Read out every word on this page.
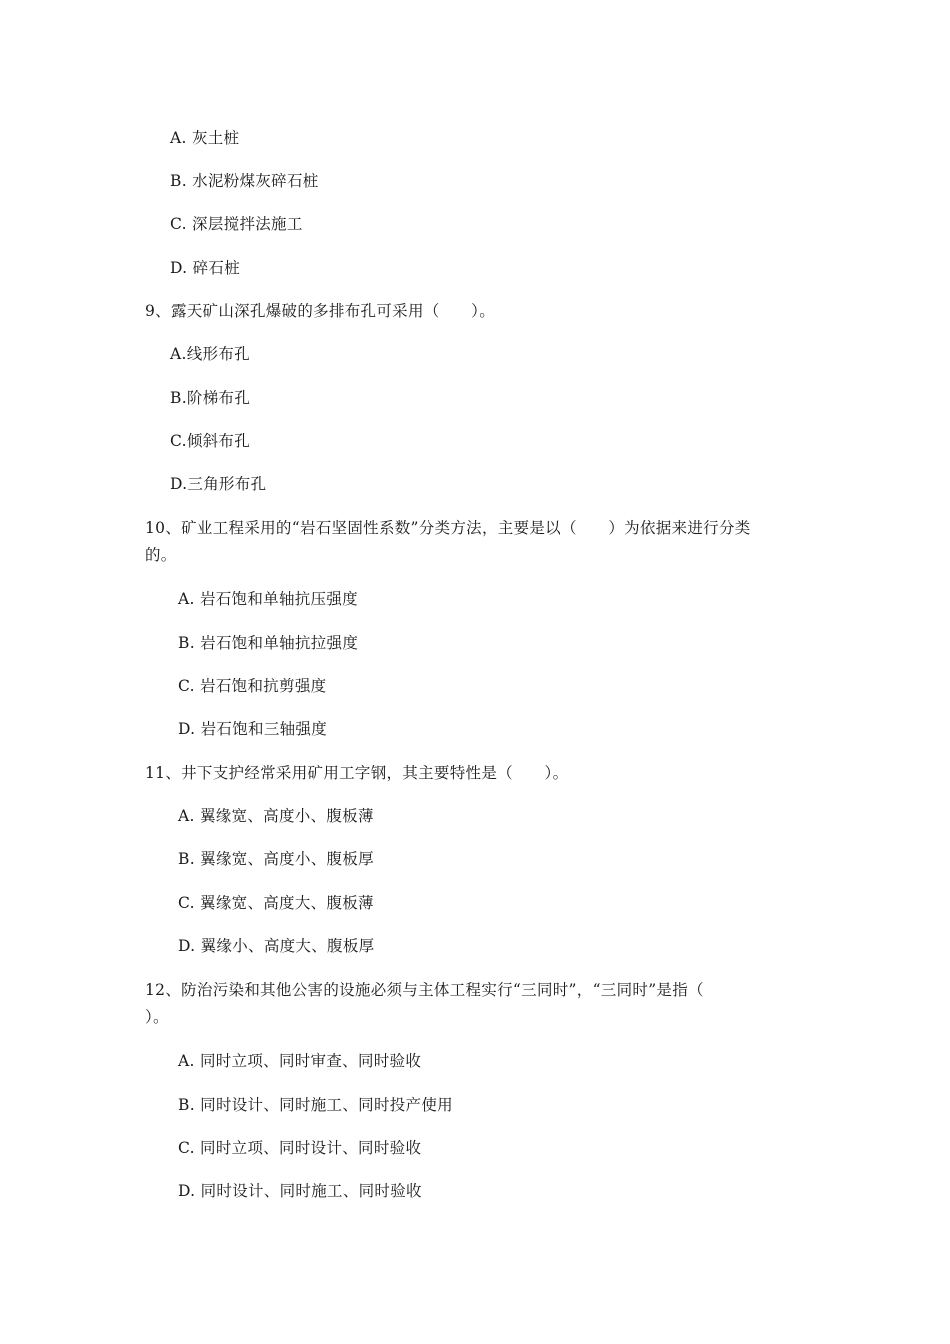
A. 灰土桩
B. 水泥粉煤灰碎石桩
C. 深层搅拌法施工
D. 碎石桩
9、露天矿山深孔爆破的多排布孔可采用（　　）。
A.线形布孔
B.阶梯布孔
C.倾斜布孔
D.三角形布孔
10、矿业工程采用的“岩石坚固性系数”分类方法，主要是以（　　）为依据来进行分类
的。
A. 岩石饱和单轴抗压强度
B. 岩石饱和单轴抗拉强度
C. 岩石饱和抗剪强度
D. 岩石饱和三轴强度
11、井下支护经常采用矿用工字钢，其主要特性是（　　）。
A. 翼缘宽、高度小、腹板薄
B. 翼缘宽、高度小、腹板厚
C. 翼缘宽、高度大、腹板薄
D. 翼缘小、高度大、腹板厚
12、防治污染和其他公害的设施必须与主体工程实行“三同时”，“三同时”是指（
）。
A. 同时立项、同时审查、同时验收
B. 同时设计、同时施工、同时投产使用
C. 同时立项、同时设计、同时验收
D. 同时设计、同时施工、同时验收
